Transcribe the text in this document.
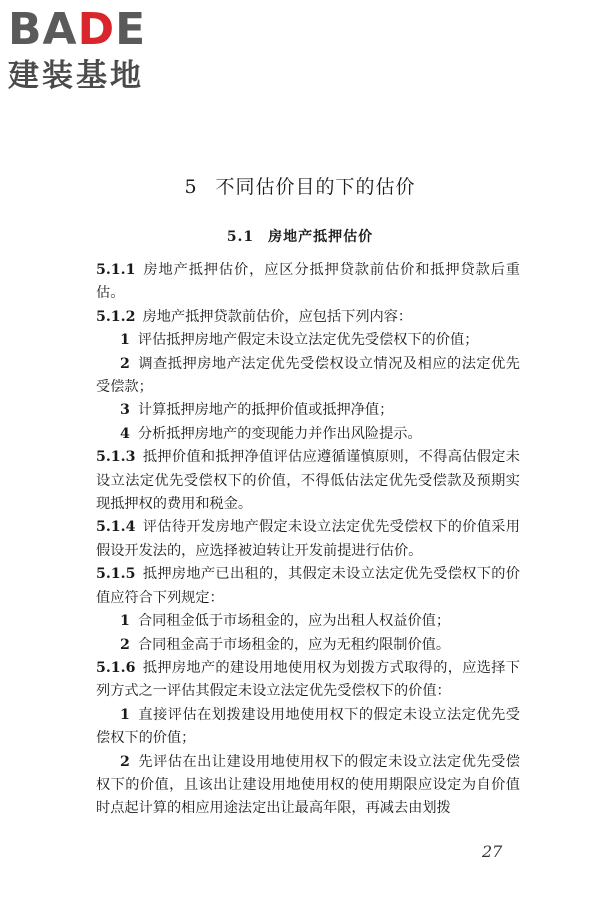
B A D E
建装基地
5 不同估价目的下的估价
5.1 房地产抵押估价

5.1.1 房地产抵押估价，应区分抵押贷款前估价和抵押贷款后重估。

5.1.2 房地产抵押贷款前估价，应包括下列内容：

1 评估抵押房地产假定未设立法定优先受偿权下的价值；

2 调查抵押房地产法定优先受偿权设立情况及相应的法定优先受偿款；

3 计算抵押房地产的抵押价值或抵押净值；

4 分析抵押房地产的变现能力并作出风险提示。

5.1.3 抵押价值和抵押净值评估应遵循谨慎原则，不得高估假定未设立法定优先受偿权下的价值，不得低估法定优先受偿款及预期实现抵押权的费用和税金。

5.1.4 评估待开发房地产假定未设立法定优先受偿权下的价值采用假设开发法的，应选择被迫转让开发前提进行估价。

5.1.5 抵押房地产已出租的，其假定未设立法定优先受偿权下的价值应符合下列规定：

1 合同租金低于市场租金的，应为出租人权益价值；

2 合同租金高于市场租金的，应为无租约限制价值。

5.1.6 抵押房地产的建设用地使用权为划拨方式取得的，应选择下列方式之一评估其假定未设立法定优先受偿权下的价值：

1 直接评估在划拨建设用地使用权下的假定未设立法定优先受偿权下的价值；

2 先评估在出让建设用地使用权下的假定未设立法定优先受偿权下的价值，且该出让建设用地使用权的使用期限应设定为自价值时点起计算的相应用途法定出让最高年限，再减去由划拨

27
